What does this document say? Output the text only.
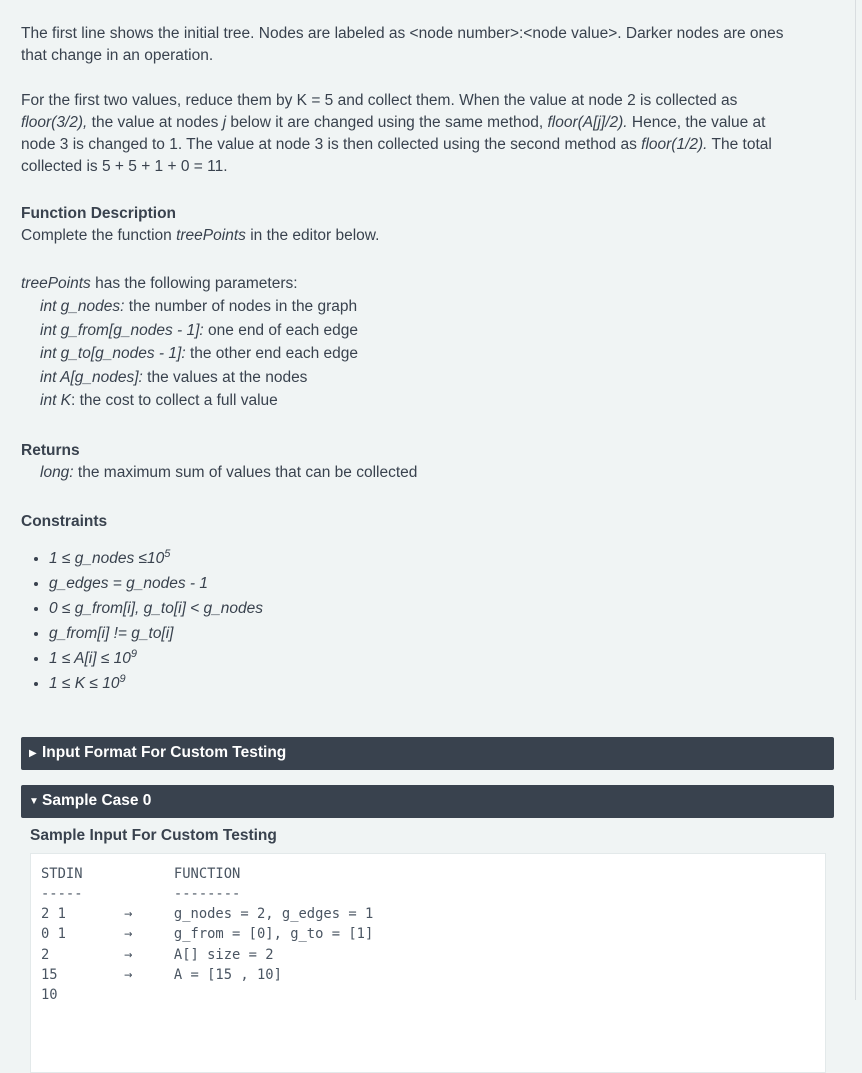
The first line shows the initial tree. Nodes are labeled as <node number>:<node value>. Darker nodes are ones
that change in an operation.
For the first two values, reduce them by K = 5 and collect them. When the value at node 2 is collected as
floor(3/2), the value at nodes j below it are changed using the same method, floor(A[j]/2). Hence, the value at
node 3 is changed to 1. The value at node 3 is then collected using the second method as floor(1/2). The total
collected is 5 + 5 + 1 + 0 = 11.
Function Description
Complete the function treePoints in the editor below.
treePoints has the following parameters:
int g_nodes: the number of nodes in the graph
int g_from[g_nodes - 1]: one end of each edge
int g_to[g_nodes - 1]: the other end each edge
int A[g_nodes]: the values at the nodes
int K: the cost to collect a full value
Returns
long: the maximum sum of values that can be collected
Constraints
• 1 ≤ g_nodes $\le 10^5$
• g_edges = g_nodes - 1
• 0 ≤ g_from[i], g_to[i] < g_nodes
• g_from[i] != g_to[i]
• $1 \le A[i] \le 10^9$
• $1 \le K \le 10^9$
▶ Input Format For Custom Testing
▼ Sample Case 0
Sample Input For Custom Testing
STDIN           FUNCTION
-----           --------
2 1       →     g_nodes = 2, g_edges = 1
0 1       →     g_from = [0], g_to = [1]
2         →     A[] size = 2
15        →     A = [15 , 10]
10
